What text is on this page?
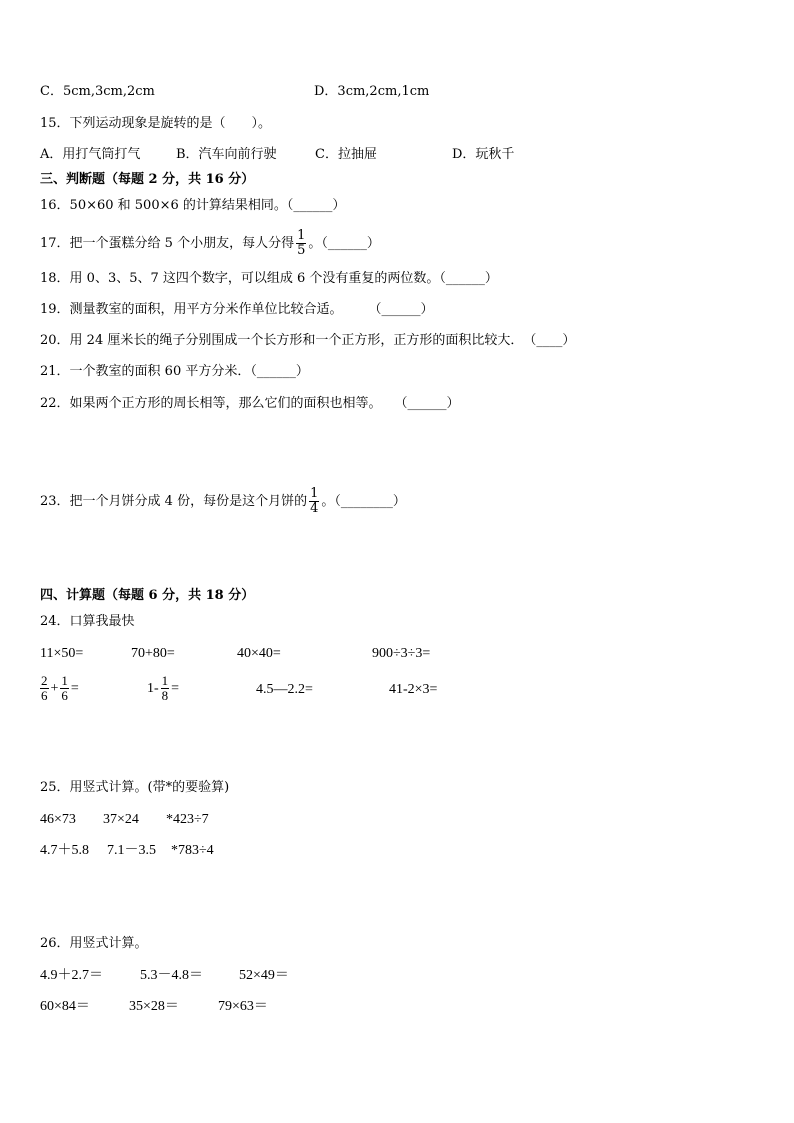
C．5cm,3cm,2cm	D．3cm,2cm,1cm
15．下列运动现象是旋转的是（　　）。
A．用打气筒打气	B．汽车向前行驶	C．拉抽屉	D．玩秋千
三、判断题（每题 2 分，共 16 分）
16．50×60 和 500×6 的计算结果相同。（______）
17．把一个蛋糕分给 5 个小朋友，每人分得 $\frac{1}{5}$ 。（______）
18．用 0、3、5、7 这四个数字，可以组成 6 个没有重复的两位数。（______）
19．测量教室的面积，用平方分米作单位比较合适。　　　（______）
20．用 24 厘米长的绳子分别围成一个长方形和一个正方形，正方形的面积比较大．　（____）
21．一个教室的面积 60 平方分米．（______）
22．如果两个正方形的周长相等，那么它们的面积也相等。　　（______）
23．把一个月饼分成 4 份，每份是这个月饼的 $\frac{1}{4}$ 。（________）
四、计算题（每题 6 分，共 18 分）
24．口算我最快
11×50=	70+80=	40×40=	900÷3÷3=
$\frac{2}{6} + \frac{1}{6}$ =	$1- \frac{1}{8}$ =	4.5—2.2=	41-2×3=
25．用竖式计算。(带*的要验算)
46×73 37×24 *423÷7
4.7＋5.8 7.1－3.5 *783÷4
26．用竖式计算。
4.9＋2.7＝	5.3－4.8＝	52×49＝
60×84＝	35×28＝	79×63＝
